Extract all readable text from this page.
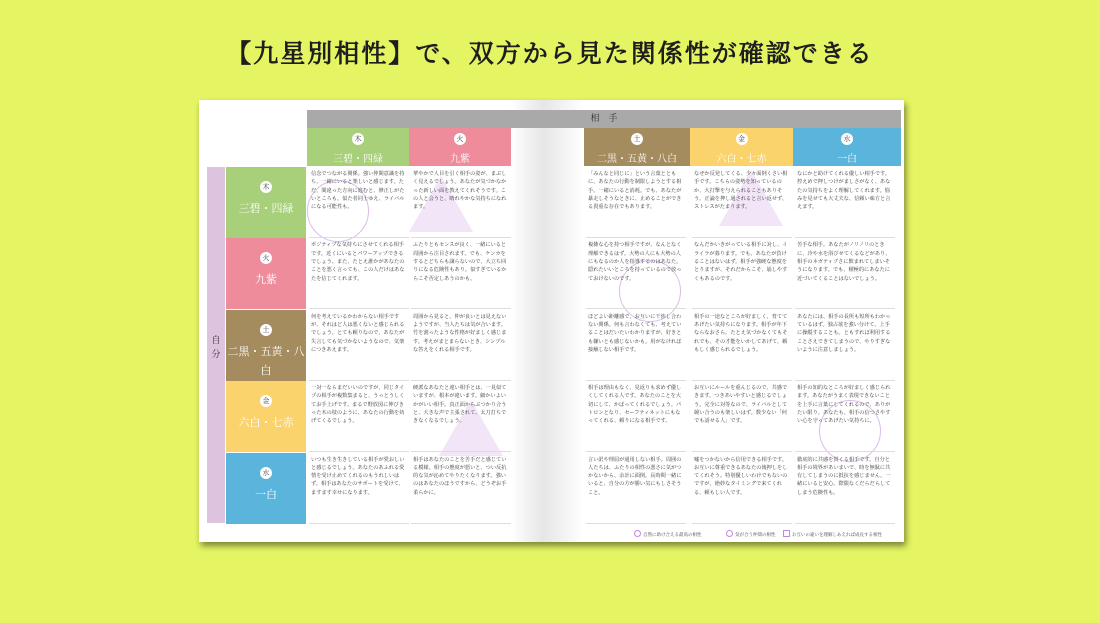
【九星別相性】で、双方から見た関係性が確認できる
相　手
木
三碧・四緑
火
九紫
土
二黒・五黄・八白
金
六白・七赤
水
一白
自
分
自然に助け合える最高の相性	気が合う仲間の相性	お互いの違いを理解しあえれば成長する相性
木
三碧・四緑
信念でつながる関係。強い仲間意識を持ち、一緒にいると楽しいと感じます。ただ、間違った方向に進むと、修正しがたいところも。似た者同士ゆえ、ライバルになる可能性も。
華やかで人目を引く相手の姿が、まぶしく見えるでしょう。あなたが気づかなかった新しい面を教えてくれそうです。この人と会うと、晴れやかな気持ちになれます。
「みんなと同じに」という言葉とともに、あなたの行動を制限しようとする相手。一緒にいると消耗。でも、あなたが暴走しそうなときに、止めることができる貴重な存在でもあります。
なぜか反発してくる、少々面倒くさい相手です。こちらの姿勢を知っているのか、大打撃を与えられることもありそう。正論を押し通されると言い返せず、ストレスがたまります。
なにかと助けてくれる優しい相手です。控えめで押しつけがましさがなく、あなたの気持ちをよく理解してくれます。悩みを見せても大丈夫な、信頼い味方と言えます。
火
九紫
ポジティブな気持ちにさせてくれる相手です。近くにいるとパワーアップできるでしょう。また、たとえ誰かがあなたのことを悪く言っても、この人だけはあなたを信じてくれます。
ふたりともセンスが良く、一緒にいると周囲から注目されます。でも、ケンカをするとどちらも譲らないので、大立ち回りになる危険性もあり。似すぎているからこそ否定しあうのかも。
複雑な心を持つ相手ですが、なんとなく理解できるはず。大勢の人にも大勢の人にもなるのか人を指導するのはあなた。隠れたいいところを持っているので放っておけないのです。
なんだかいきがっている相手に対し、イライラが募ります。でも、あなたが負けることはないはず。相手が強硬な態度をとりますが、それだからこそ、崩しやすくもあるのです。
苦手な相手。あなたがノリノリのときに、冷や水を浴びせてくるなどがあり、相手のネガティブさに飲まれてしまいそうになります。でも、積極的にあなたに近づいてくることはないでしょう。
土
二黒・五黄・八白
何を考えているかわからない相手ですが、それはど人は悪くないと感じられるでしょう。とても頼りなので、あなたが失言しても気づかないようなので、気楽につきあえます。
周囲から見ると、仲が良いとは見えないようですが、当人たちは気が合います。竹を割ったような性格が好ましく感じます。考えがまとまらないとき、シンプルな答えをくれる相手です。
ほどよい距離感で、お互いに干渉し合わない関係。何も言わなくても、考えていることはだいたいわかりますが、好きとも嫌いとも感じないかも。用がなければ接触しない相手です。
相手の一途なところが好ましく、育ててあげたい気持ちになります。相手が年下ならなおさら。たとえ気づかなくてもそれでも、その才能をいかしてあげて、頼もしく感じられるでしょう。
あなたには、相手の長所も短所もわかっているはず。独占欲を強い分けて、上手に操縦することも。ともすれば利用することさえできてしまうので、やりすぎないように注意しましょう。
金
六白・七赤
一対一ならまだいいのですが、同じタイプの相手が複数集まると、うっとうしくてお手上げです。まるで野放図に伸びきった木の枝のように、あなたの行動を妨げてくるでしょう。
硬派なあなたと違い相手とは、一見似ていますが、根本が違います。細かいよいかがいい相手。真正面からぶつかり合うと、大きな声で主張されて、太刀打ちできなくなるでしょう。
相手は理由もなく、見返りも求めず優しくしてくれる人です。あなたのことを大切にして、かばってくれるでしょう。パトロンとなり、セーフティネットにもなってくれる、頼りになる相手です。
お互いにルールを重んじるので、共感できます。つきあいやすいと感じるでしょう。完全に対等なので、ライバルとして競い合うのも楽しいはず。数少ない「何でも話せる人」です。
相手の知的なところが好ましく感じられます。あなたがうまく表現できないことを上手に言葉にしてくれるので、ありがたい限り。あなたも、相手の信つさやすい心を守ってあげたい気持ちに。
水
一白
いつも生き生きしている相手が愛おしいと感じるでしょう。あなたのあふれる愛情を受け止めてくれるのもうれしいはず。相手はあなたのサポートを受けて、ますます幸せになります。
相手はあなたのことを苦手だと感じている模様。相手の態度が悪いと、つい反抗的な気が沁めてやりたくなります。強いのはあなたのほうですから、どうぞお手柔らかに。
言い訳や理屈が通用しない相手。周囲の人たちは、ふたりの相性の悪さに気がつかないから、余計に面倒。長時間一緒にいると、自分の方が勝い気にもしさそうこと。
嘘をつかないから信用できる相手です。お互いに尊重できるあなたの後押しをしてくれそう。特別優しいわけでもないのですが、絶妙なタイミングで来てくれる、頼もしい人です。
徹底的に共感を貫くる相手です。自分と相手の境界があいまいで、時を無駄に共有してしまうのに抵抗を感じません。一緒にいると安心。際限なくだらだらしてしまう危険性も。
